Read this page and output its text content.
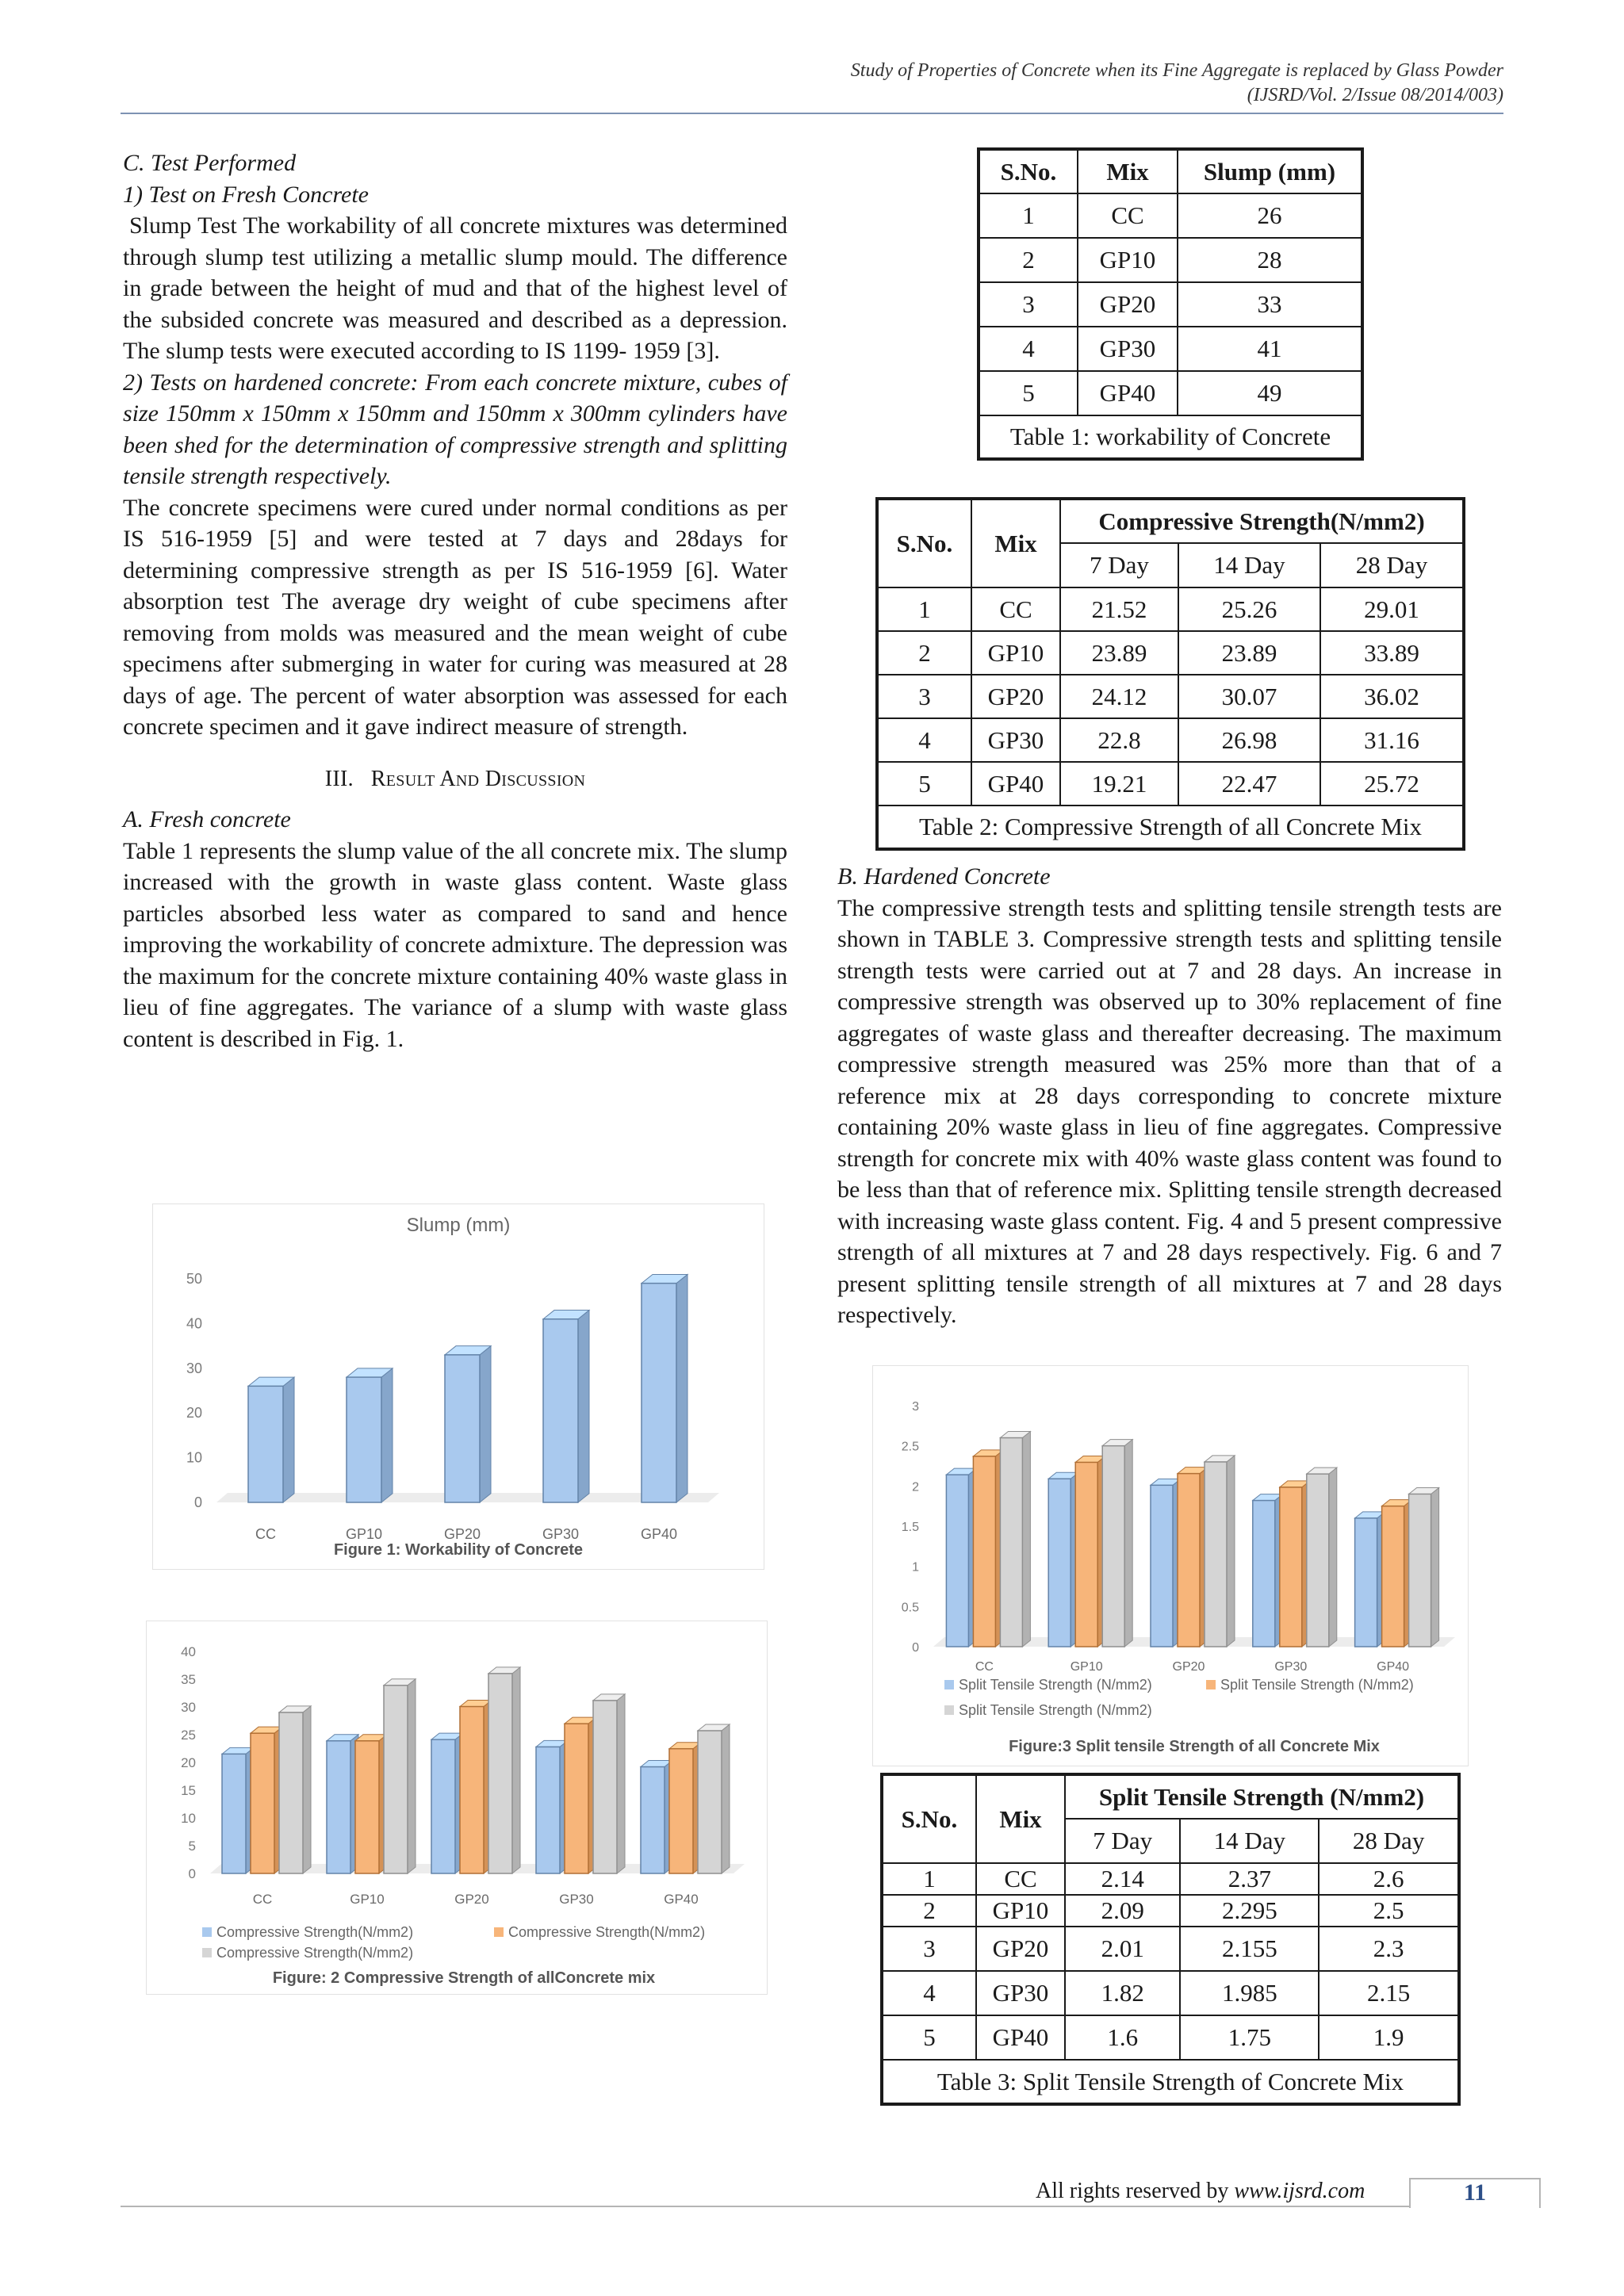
Study of Properties of Concrete when its Fine Aggregate is replaced by Glass Powder
(IJSRD/Vol. 2/Issue 08/2014/003)

C. Test Performed

1) Test on Fresh Concrete

Slump Test The workability of all concrete mixtures was determined through slump test utilizing a metallic slump mould. The difference in grade between the height of mud and that of the highest level of the subsided concrete was measured and described as a depression. The slump tests were executed according to IS 1199- 1959 [3].

2) Tests on hardened concrete: From each concrete mixture, cubes of size 150mm x 150mm x 150mm and 150mm x 300mm cylinders have been shed for the determination of compressive strength and splitting tensile strength respectively.

The concrete specimens were cured under normal conditions as per IS 516-1959 [5] and were tested at 7 days and 28days for determining compressive strength as per IS 516-1959 [6]. Water absorption test The average dry weight of cube specimens after removing from molds was measured and the mean weight of cube specimens after submerging in water for curing was measured at 28 days of age. The percent of water absorption was assessed for each concrete specimen and it gave indirect measure of strength.

III. Result And Discussion

A. Fresh concrete

Table 1 represents the slump value of the all concrete mix. The slump increased with the growth in waste glass content. Waste glass particles absorbed less water as compared to sand and hence improving the workability of concrete admixture. The depression was the maximum for the concrete mixture containing 40% waste glass in lieu of fine aggregates. The variance of a slump with waste glass content is described in Fig. 1.

0
10
20
30
40
50
CC	GP10	GP20	GP30	GP40
Slump (mm)
Figure 1: Workability of Concrete
0
5
10
15
20
25
30
35
40
CC	GP10	GP20	GP30	GP40
Compressive Strength(N/mm2)	Compressive Strength(N/mm2)
Compressive Strength(N/mm2)
Figure: 2 Compressive Strength of allConcrete mix
S.No.	Mix	Slump (mm)
1	CC	26
2	GP10	28
3	GP20	33
4	GP30	41
5	GP40	49
Table 1: workability of Concrete		
S.No.	Mix	Compressive Strength(N/mm2)		
		7 Day	14 Day	28 Day
1	CC	21.52	25.26	29.01
2	GP10	23.89	23.89	33.89
3	GP20	24.12	30.07	36.02
4	GP30	22.8	26.98	31.16
5	GP40	19.21	22.47	25.72
Table 2: Compressive Strength of all Concrete Mix				

B. Hardened Concrete

The compressive strength tests and splitting tensile strength tests are shown in TABLE 3. Compressive strength tests and splitting tensile strength tests were carried out at 7 and 28 days. An increase in compressive strength was observed up to 30% replacement of fine aggregates of waste glass and thereafter decreasing. The maximum compressive strength measured was 25% more than that of a reference mix at 28 days corresponding to concrete mixture containing 20% waste glass in lieu of fine aggregates. Compressive strength for concrete mix with 40% waste glass content was found to be less than that of reference mix. Splitting tensile strength decreased with increasing waste glass content. Fig. 4 and 5 present compressive strength of all mixtures at 7 and 28 days respectively. Fig. 6 and 7 present splitting tensile strength of all mixtures at 7 and 28 days respectively.

0
0.5
1
1.5
2
2.5
3
CC	GP10	GP20	GP30	GP40
Split Tensile Strength (N/mm2)	Split Tensile Strength (N/mm2)
Split Tensile Strength (N/mm2)
Figure:3 Split tensile Strength of all Concrete Mix
S.No.	Mix	Split Tensile Strength (N/mm2)		
		7 Day	14 Day	28 Day
1	CC	2.14	2.37	2.6
2	GP10	2.09	2.295	2.5
3	GP20	2.01	2.155	2.3
4	GP30	1.82	1.985	2.15
5	GP40	1.6	1.75	1.9
Table 3: Split Tensile Strength of Concrete Mix				
All rights reserved by www.ijsrd.com	11
